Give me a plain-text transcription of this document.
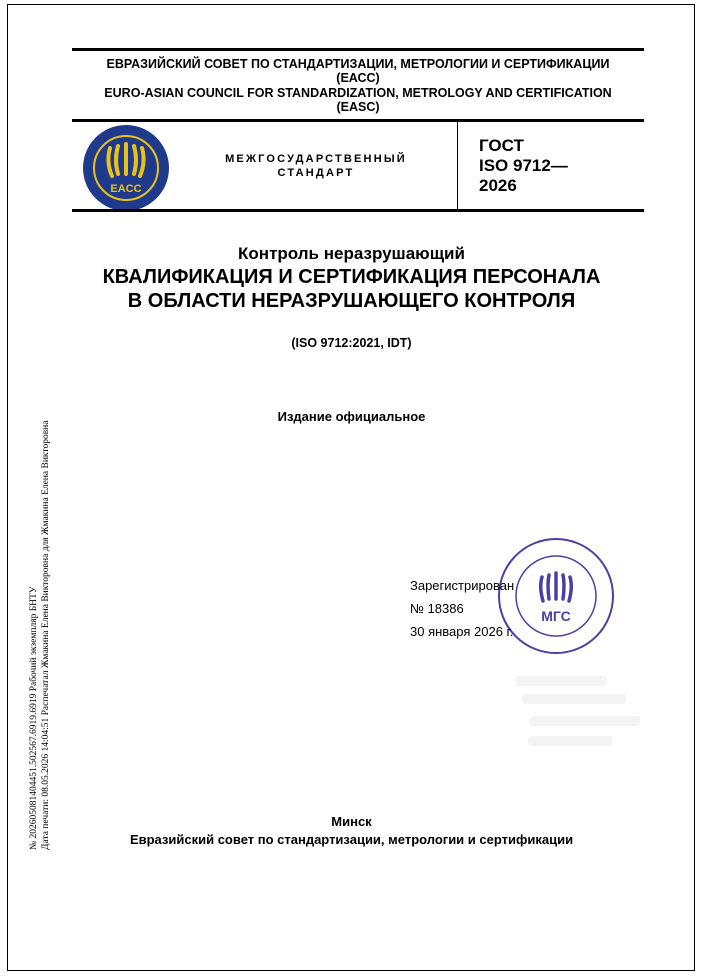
ЕВРАЗИЙСКИЙ СОВЕТ ПО СТАНДАРТИЗАЦИИ, МЕТРОЛОГИИ И СЕРТИФИКАЦИИ
(ЕАСС)
EURO-ASIAN COUNCIL FOR STANDARDIZATION, METROLOGY AND CERTIFICATION
(EASC)
EACC
МЕЖГОСУДАРСТВЕННЫЙ
СТАНДАРТ
ГОСТ
ISO 9712—
2026
Контроль неразрушающий
КВАЛИФИКАЦИЯ И СЕРТИФИКАЦИЯ ПЕРСОНАЛА
В ОБЛАСТИ НЕРАЗРУШАЮЩЕГО КОНТРОЛЯ
(ISO 9712:2021, IDT)
Издание официальное
МГС
Зарегистрирован
№ 18386
30 января 2026 г.
Минск
Евразийский совет по стандартизации, метрологии и сертификации
№ 202605081404451.502567.6919.6919 Рабочий экземпляр БНТУ Дата печати: 08.05.2026 14:04:51 Распечатал Жмакина Елена Викторовна для Жмакина Елена Викторовна
